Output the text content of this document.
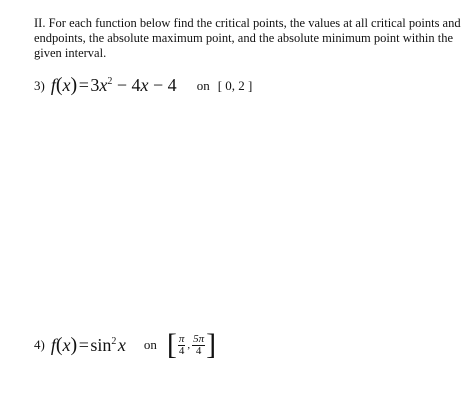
II. For each function below find the critical points, the values at all critical points and endpoints, the absolute maximum point, and the absolute minimum point within the given interval.

3) f(x) = $3x^2 - 4x - 4$ on [ 0, 2 ]
4) f(x) = $\sin^2$ x on [ $\frac{\pi}{4}$ , $\frac{5\pi}{4}$ ]
